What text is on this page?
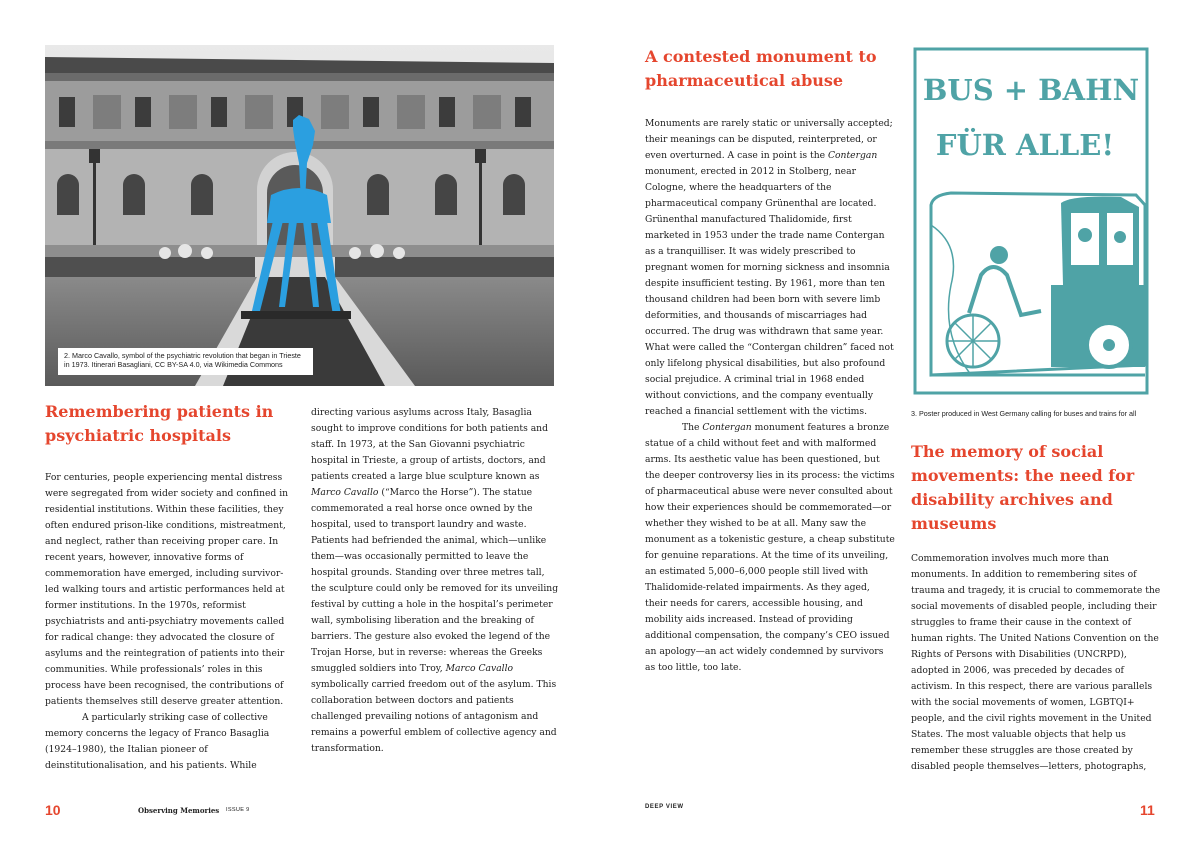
2. Marco Cavallo, symbol of the psychiatric revolution that began in Trieste in 1973. Itinerari Basagliani, CC BY-SA 4.0, via Wikimedia Commons
Remembering patients in psychiatric hospitals

For centuries, people experiencing mental distress were segregated from wider society and confined in residential institutions. Within these facilities, they often endured prison-like conditions, mistreatment, and neglect, rather than receiving proper care. In recent years, however, innovative forms of commemoration have emerged, including survivor-led walking tours and artistic performances held at former institutions. In the 1970s, reformist psychiatrists and anti-psychiatry movements called for radical change: they advocated the closure of asylums and the reintegration of patients into their communities. While professionals’ roles in this process have been recognised, the contributions of patients themselves still deserve greater attention.

A particularly striking case of collective memory concerns the legacy of Franco Basaglia (1924–1980), the Italian pioneer of deinstitutionalisation, and his patients. While

directing various asylums across Italy, Basaglia sought to improve conditions for both patients and staff. In 1973, at the San Giovanni psychiatric hospital in Trieste, a group of artists, doctors, and patients created a large blue sculpture known as Marco Cavallo (“Marco the Horse”). The statue commemorated a real horse once owned by the hospital, used to transport laundry and waste. Patients had befriended the animal, which—unlike them—was occasionally permitted to leave the hospital grounds. Standing over three metres tall, the sculpture could only be removed for its unveiling festival by cutting a hole in the hospital’s perimeter wall, symbolising liberation and the breaking of barriers. The gesture also evoked the legend of the Trojan Horse, but in reverse: whereas the Greeks smuggled soldiers into Troy, Marco Cavallo symbolically carried freedom out of the asylum. This collaboration between doctors and patients challenged prevailing notions of antagonism and remains a powerful emblem of collective agency and transformation.

A contested monument to pharmaceutical abuse

Monuments are rarely static or universally accepted; their meanings can be disputed, reinterpreted, or even overturned. A case in point is the Contergan monument, erected in 2012 in Stolberg, near Cologne, where the headquarters of the pharmaceutical company Grünenthal are located. Grünenthal manufactured Thalidomide, first marketed in 1953 under the trade name Contergan as a tranquilliser. It was widely prescribed to pregnant women for morning sickness and insomnia despite insufficient testing. By 1961, more than ten thousand children had been born with severe limb deformities, and thousands of miscarriages had occurred. The drug was withdrawn that same year. What were called the “Contergan children” faced not only lifelong physical disabilities, but also profound social prejudice. A criminal trial in 1968 ended without convictions, and the company eventually reached a financial settlement with the victims.

The Contergan monument features a bronze statue of a child without feet and with malformed arms. Its aesthetic value has been questioned, but the deeper controversy lies in its process: the victims of pharmaceutical abuse were never consulted about how their experiences should be commemorated—or whether they wished to be at all. Many saw the monument as a tokenistic gesture, a cheap substitute for genuine reparations. At the time of its unveiling, an estimated 5,000–6,000 people still lived with Thalidomide-related impairments. As they aged, their needs for carers, accessible housing, and mobility aids increased. Instead of providing additional compensation, the company’s CEO issued an apology—an act widely condemned by survivors as too little, too late.

BUS + BAHN
FÜR ALLE!
3. Poster produced in West Germany calling for buses and trains for all
The memory of social movements: the need for disability archives and museums

Commemoration involves much more than monuments. In addition to remembering sites of trauma and tragedy, it is crucial to commemorate the social movements of disabled people, including their struggles to frame their cause in the context of human rights. The United Nations Convention on the Rights of Persons with Disabilities (UNCRPD), adopted in 2006, was preceded by decades of activism. In this respect, there are various parallels with the social movements of women, LGBTQI+ people, and the civil rights movement in the United States. The most valuable objects that help us remember these struggles are those created by disabled people themselves—letters, photographs,

10	Observing Memories ISSUE 9	DEEP VIEW	11
